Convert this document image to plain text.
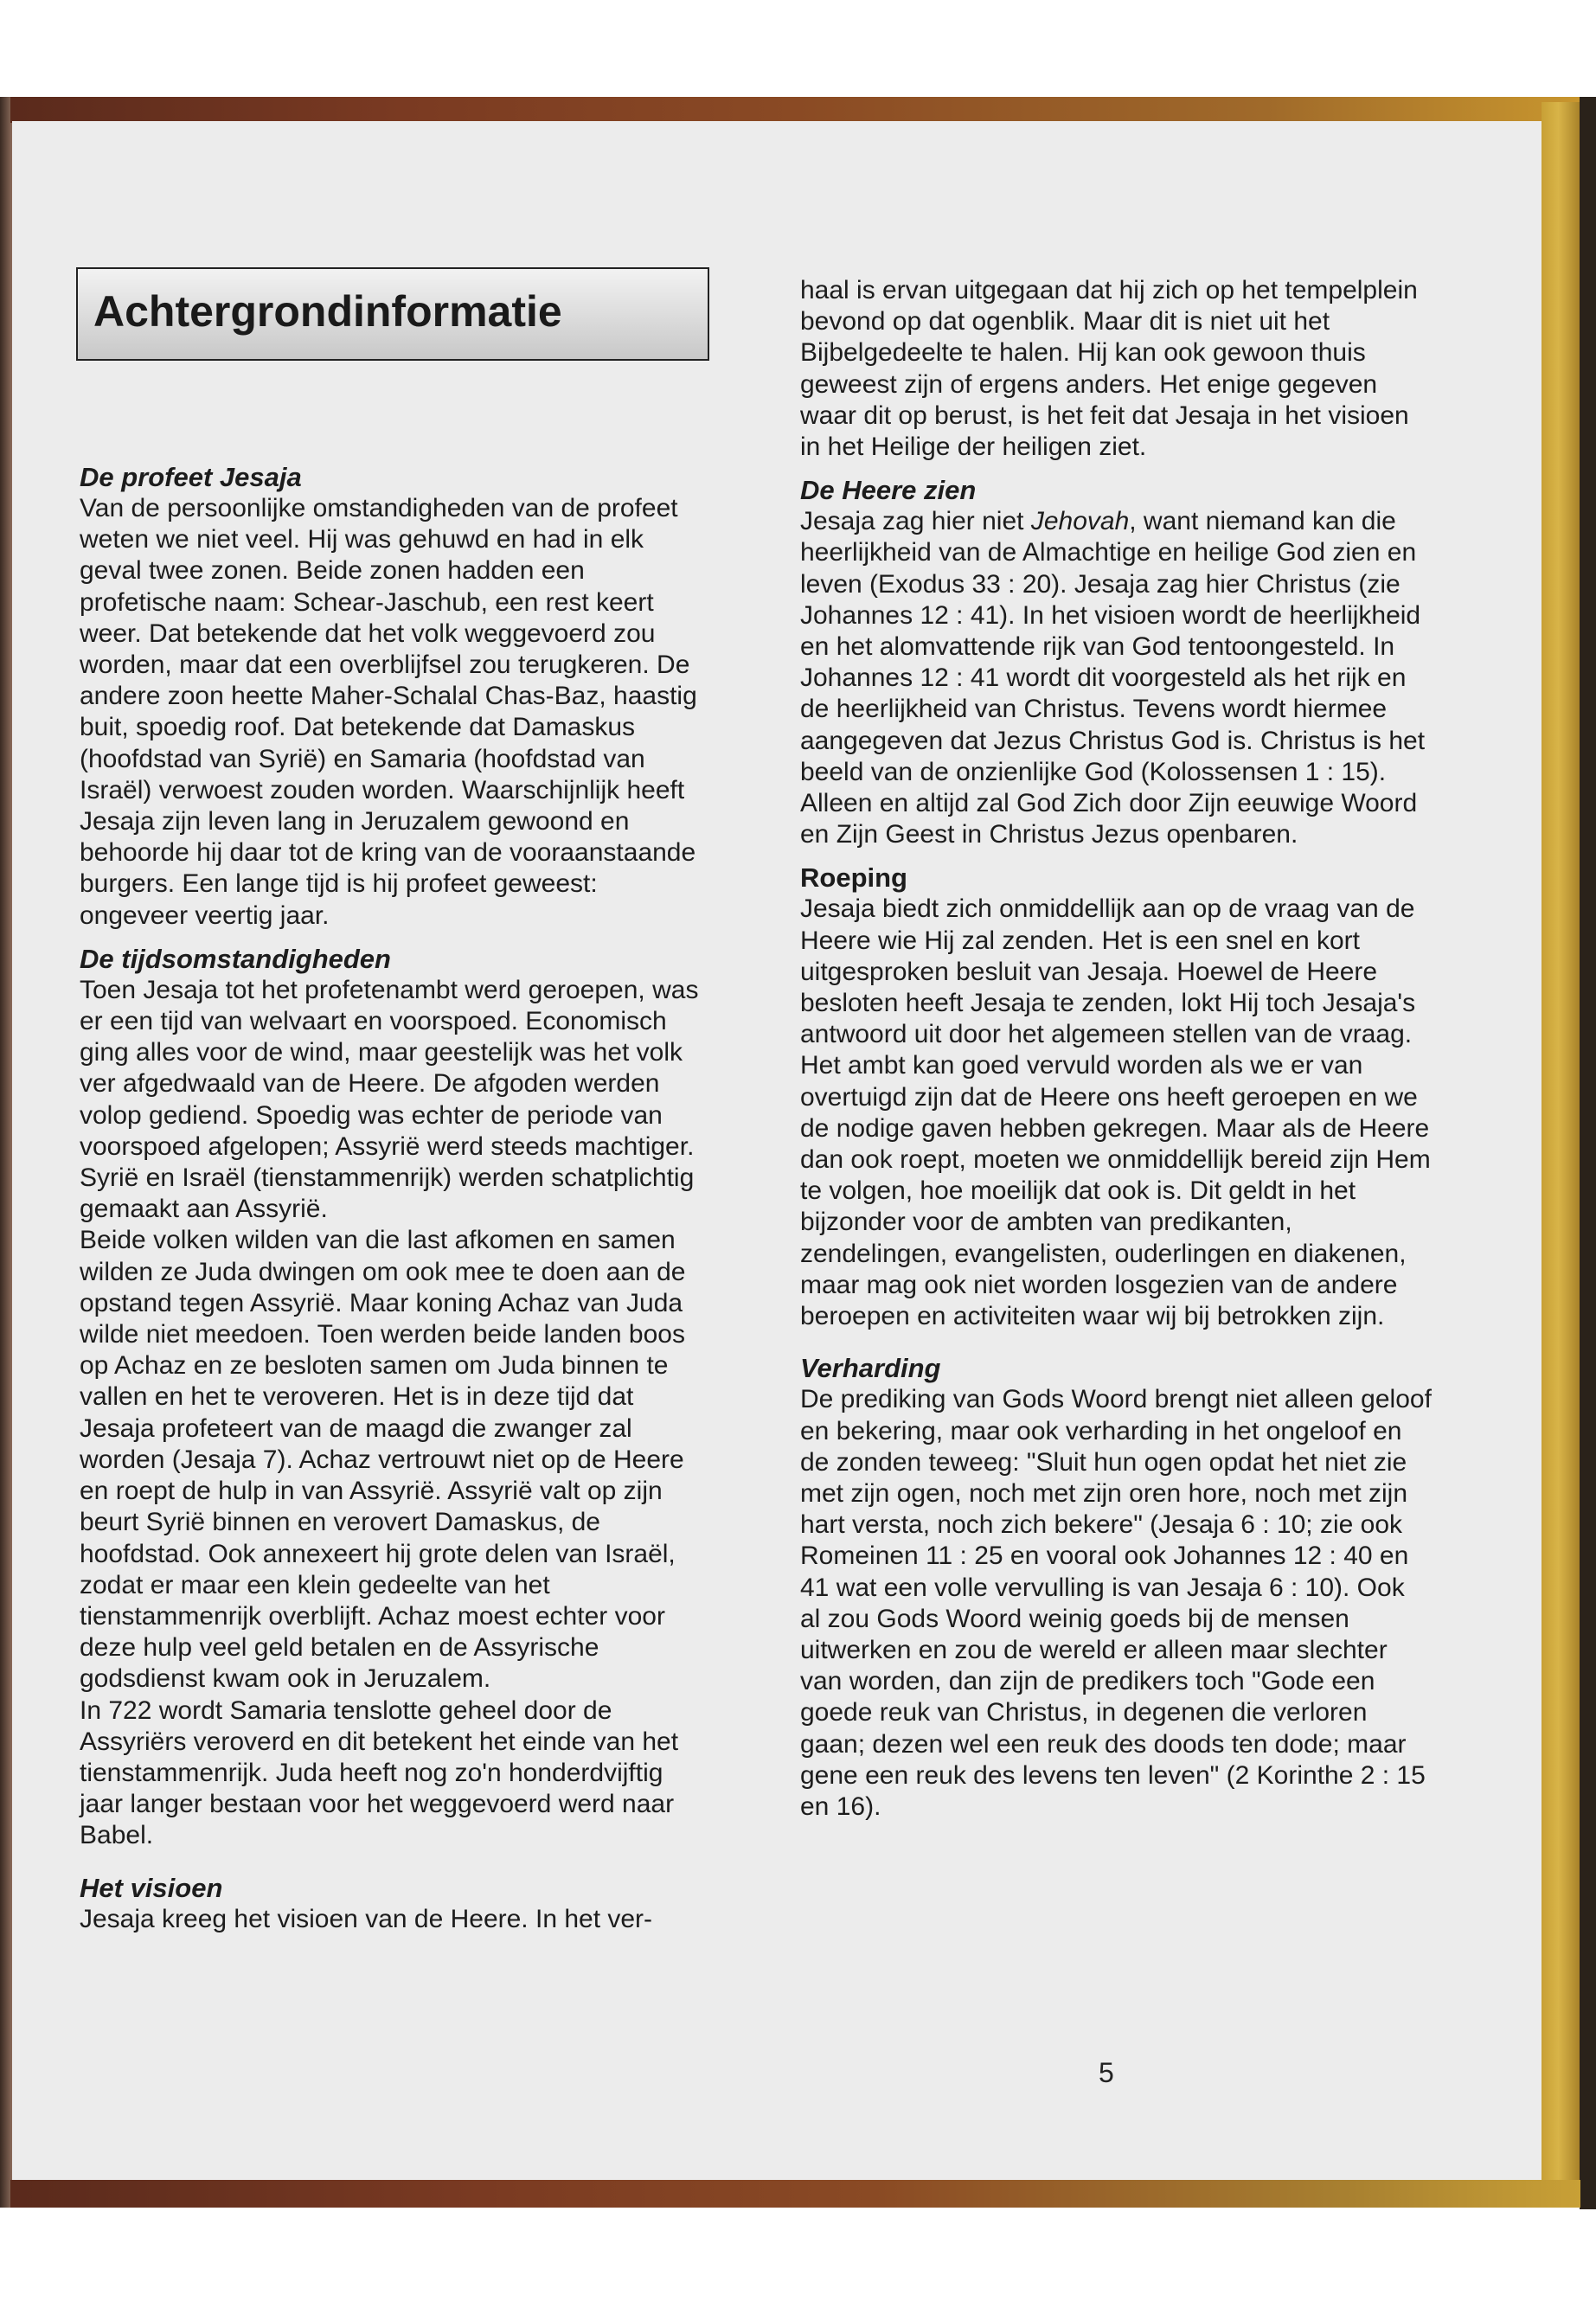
Achtergrondinformatie

De profeet Jesaja

Van de persoonlijke omstandigheden van de profeet weten we niet veel. Hij was gehuwd en had in elk geval twee zonen. Beide zonen hadden een profetische naam: Schear-Jaschub, een rest keert weer. Dat betekende dat het volk weggevoerd zou worden, maar dat een overblijfsel zou terugkeren. De andere zoon heette Maher-Schalal Chas-Baz, haastig buit, spoedig roof. Dat betekende dat Damaskus (hoofdstad van Syrië) en Samaria (hoofdstad van Israël) verwoest zouden worden. Waarschijnlijk heeft Jesaja zijn leven lang in Jeruzalem gewoond en behoorde hij daar tot de kring van de vooraanstaande burgers. Een lange tijd is hij profeet geweest: ongeveer veertig jaar.

De tijdsomstandigheden

Toen Jesaja tot het profetenambt werd geroepen, was er een tijd van welvaart en voorspoed. Economisch ging alles voor de wind, maar geestelijk was het volk ver afgedwaald van de Heere. De afgoden werden volop gediend. Spoedig was echter de periode van voorspoed afgelopen; Assyrië werd steeds machtiger. Syrië en Israël (tienstammenrijk) werden schatplichtig gemaakt aan Assyrië.

Beide volken wilden van die last afkomen en samen wilden ze Juda dwingen om ook mee te doen aan de opstand tegen Assyrië. Maar koning Achaz van Juda wilde niet meedoen. Toen werden beide landen boos op Achaz en ze besloten samen om Juda binnen te vallen en het te veroveren. Het is in deze tijd dat Jesaja profeteert van de maagd die zwanger zal worden (Jesaja 7). Achaz vertrouwt niet op de Heere en roept de hulp in van Assyrië. Assyrië valt op zijn beurt Syrië binnen en verovert Damaskus, de hoofdstad. Ook annexeert hij grote delen van Israël, zodat er maar een klein gedeelte van het tienstammenrijk overblijft. Achaz moest echter voor deze hulp veel geld betalen en de Assyrische godsdienst kwam ook in Jeruzalem.

In 722 wordt Samaria tenslotte geheel door de Assyriërs veroverd en dit betekent het einde van het tienstammenrijk. Juda heeft nog zo'n honderdvijftig jaar langer bestaan voor het weggevoerd werd naar Babel.

Het visioen

Jesaja kreeg het visioen van de Heere. In het ver-

haal is ervan uitgegaan dat hij zich op het tempelplein bevond op dat ogenblik. Maar dit is niet uit het Bijbelgedeelte te halen. Hij kan ook gewoon thuis geweest zijn of ergens anders. Het enige gegeven waar dit op berust, is het feit dat Jesaja in het visioen in het Heilige der heiligen ziet.

De Heere zien

Jesaja zag hier niet Jehovah, want niemand kan die heerlijkheid van de Almachtige en heilige God zien en leven (Exodus 33 : 20). Jesaja zag hier Christus (zie Johannes 12 : 41). In het visioen wordt de heerlijkheid en het alomvattende rijk van God tentoongesteld. In Johannes 12 : 41 wordt dit voorgesteld als het rijk en de heerlijkheid van Christus. Tevens wordt hiermee aangegeven dat Jezus Christus God is. Christus is het beeld van de onzienlijke God (Kolossensen 1 : 15). Alleen en altijd zal God Zich door Zijn eeuwige Woord en Zijn Geest in Christus Jezus openbaren.

Roeping

Jesaja biedt zich onmiddellijk aan op de vraag van de Heere wie Hij zal zenden. Het is een snel en kort uitgesproken besluit van Jesaja. Hoewel de Heere besloten heeft Jesaja te zenden, lokt Hij toch Jesaja's antwoord uit door het algemeen stellen van de vraag. Het ambt kan goed vervuld worden als we er van overtuigd zijn dat de Heere ons heeft geroepen en we de nodige gaven hebben gekregen. Maar als de Heere dan ook roept, moeten we onmiddellijk bereid zijn Hem te volgen, hoe moeilijk dat ook is. Dit geldt in het bijzonder voor de ambten van predikanten, zendelingen, evangelisten, ouderlingen en diakenen, maar mag ook niet worden losgezien van de andere beroepen en activiteiten waar wij bij betrokken zijn.

Verharding

De prediking van Gods Woord brengt niet alleen geloof en bekering, maar ook verharding in het ongeloof en de zonden teweeg: "Sluit hun ogen opdat het niet zie met zijn ogen, noch met zijn oren hore, noch met zijn hart versta, noch zich bekere" (Jesaja 6 : 10; zie ook Romeinen 11 : 25 en vooral ook Johannes 12 : 40 en 41 wat een volle vervulling is van Jesaja 6 : 10). Ook al zou Gods Woord weinig goeds bij de mensen uitwerken en zou de wereld er alleen maar slechter van worden, dan zijn de predikers toch "Gode een goede reuk van Christus, in degenen die verloren gaan; dezen wel een reuk des doods ten dode; maar gene een reuk des levens ten leven" (2 Korinthe 2 : 15 en 16).

5
